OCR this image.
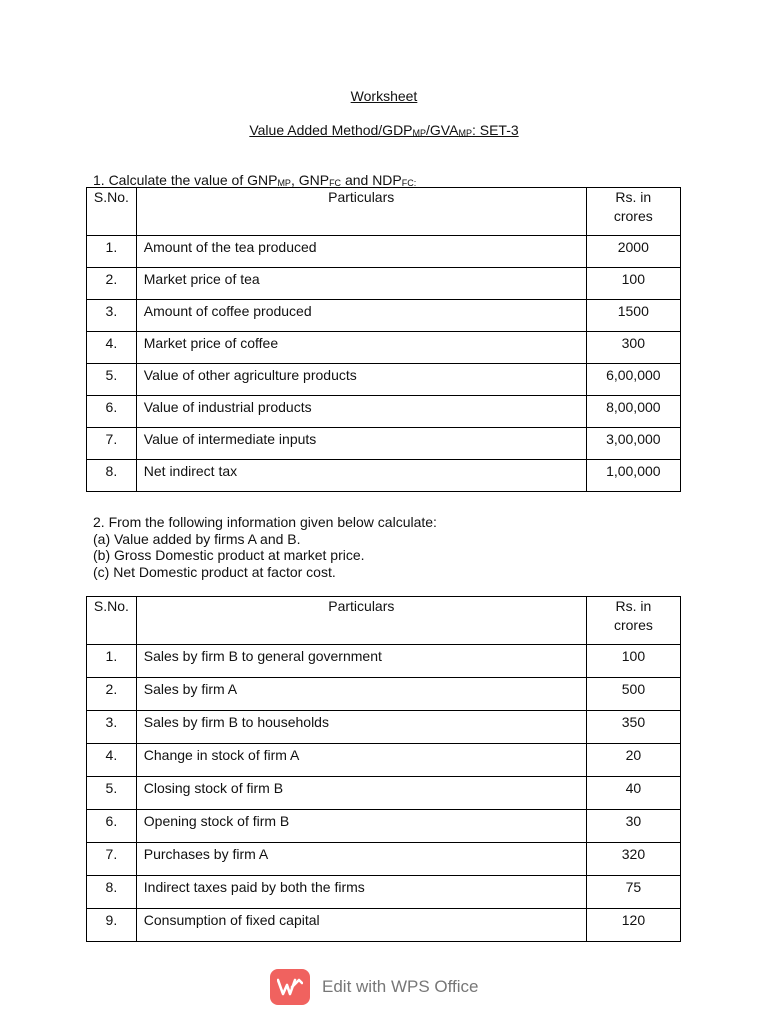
Worksheet
Value Added Method/$GDP_{MP}/GVA_{MP}$: SET-3
1. Calculate the value of $GNP_{MP}$, $GNP_{FC}$ and $NDP_{FC:}$
S.No.	Particulars	Rs. in
crores

1.	Amount of the tea produced	2000
2.	Market price of tea	100
3.	Amount of coffee produced	1500
4.	Market price of coffee	300
5.	Value of other agriculture products	6,00,000
6.	Value of industrial products	8,00,000
7.	Value of intermediate inputs	3,00,000
8.	Net indirect tax	1,00,000
2. From the following information given below calculate:
(a) Value added by firms A and B.
(b) Gross Domestic product at market price.
(c) Net Domestic product at factor cost.
S.No.	Particulars	Rs. in
crores

1.	Sales by firm B to general government	100
2.	Sales by firm A	500
3.	Sales by firm B to households	350
4.	Change in stock of firm A	20
5.	Closing stock of firm B	40
6.	Opening stock of firm B	30
7.	Purchases by firm A	320
8.	Indirect taxes paid by both the firms	75
9.	Consumption of fixed capital	120
Edit with WPS Office
